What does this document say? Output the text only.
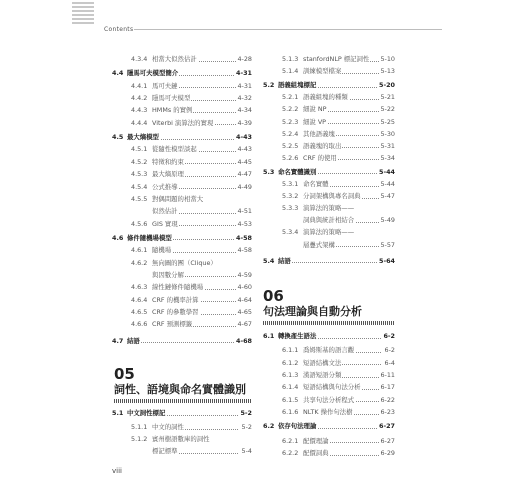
Contents
4.3.4 相當大似然估計	4-28
4.4 隱馬可夫模型簡介	4-31
4.4.1 馬可夫鏈	4-31
4.4.2 隱馬可夫模型	4-32
4.4.3 HMMs 的實例	4-34
4.4.4 Viterbi 演算法的實現	4-39
4.5 最大熵模型	4-43
4.5.1 從隨性模型談起	4-43
4.5.2 特徵和約束	4-45
4.5.3 最大熵原理	4-47
4.5.4 公式推導	4-49
4.5.5 對偶問題的相當大
似然估計	4-51
4.5.6 GIS 實現	4-53
4.6 條件隨機場模型	4-58
4.6.1 隨機場	4-58
4.6.2 無向圖的團（Clique）
與因數分解	4-59
4.6.3 線性鏈條件隨機場	4-60
4.6.4 CRF 的機率計算	4-64
4.6.5 CRF 的參數學習	4-65
4.6.6 CRF 預測標籤	4-67
4.7 結語	4-68
05
詞性、語境與命名實體識別
5.1 中文詞性標記	5-2
5.1.1 中文的詞性	5-2
5.1.2 賓州樹語數庫的詞性
標記標準	5-4
5.1.3 stanfordNLP 標記詞性 5-10
5.1.4 訓練模型檔案	5-13
5.2 語義組塊標記	5-20
5.2.1 語義組塊的種類	5-21
5.2.2 細說 NP	5-22
5.2.3 細說 VP	5-25
5.2.4 其他語義塊	5-30
5.2.5 語義塊的取出	5-31
5.2.6 CRF 的使用	5-34
5.3 命名實體識別	5-44
5.3.1 命名實體	5-44
5.3.2 分詞架構與專名詞典	5-47
5.3.3 演算法的策略——
詞典與統計相結合	5-49
5.3.4 演算法的策略——
層疊式架構	5-57
5.4 結語	5-64
06
句法理論與自動分析
6.1 轉換產生語法	6-2
6.1.1 喬姆斯基的語言觀	6-2
6.1.2 短語結構文法	6-4
6.1.3 漢語短語分類	6-11
6.1.4 短語結構與句法分析	6-17
6.1.5 共享句法分析程式	6-22
6.1.6 NLTK 操作句法樹	6-23
6.2 依存句法理論	6-27
6.2.1 配價理論	6-27
6.2.2 配價詞典	6-29
viii
